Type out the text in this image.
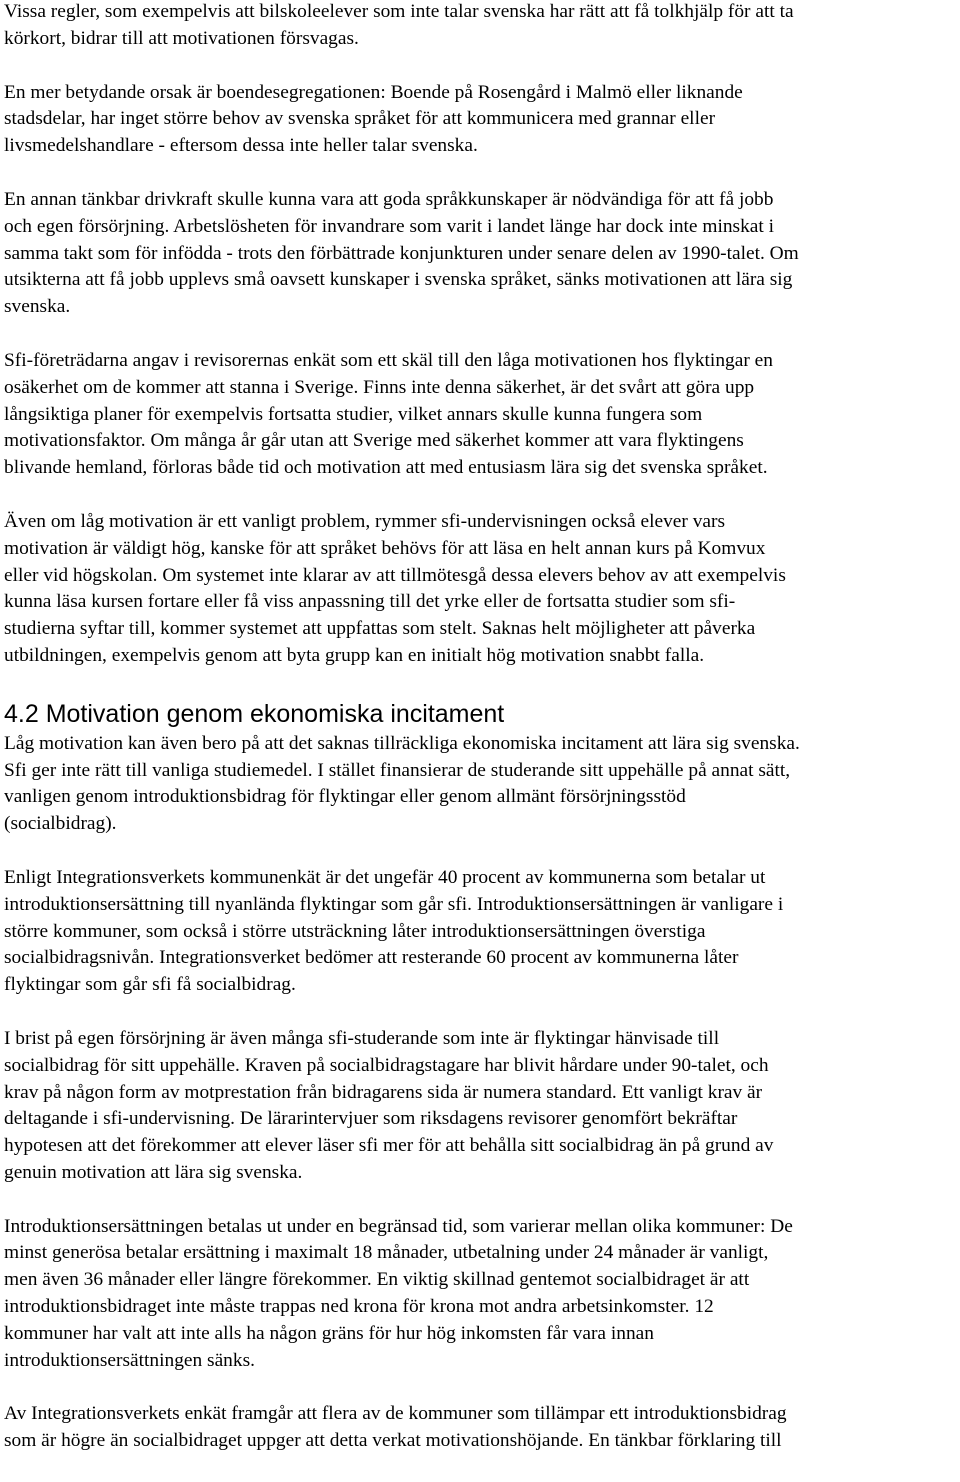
Vissa regler, som exempelvis att bilskoleelever som inte talar svenska har rätt att få tolkhjälp för att ta
körkort, bidrar till att motivationen försvagas.

En mer betydande orsak är boendesegregationen: Boende på Rosengård i Malmö eller liknande
stadsdelar, har inget större behov av svenska språket för att kommunicera med grannar eller
livsmedelshandlare - eftersom dessa inte heller talar svenska.

En annan tänkbar drivkraft skulle kunna vara att goda språkkunskaper är nödvändiga för att få jobb
och egen försörjning. Arbetslösheten för invandrare som varit i landet länge har dock inte minskat i
samma takt som för infödda - trots den förbättrade konjunkturen under senare delen av 1990-talet. Om
utsikterna att få jobb upplevs små oavsett kunskaper i svenska språket, sänks motivationen att lära sig
svenska.

Sfi-företrädarna angav i revisorernas enkät som ett skäl till den låga motivationen hos flyktingar en
osäkerhet om de kommer att stanna i Sverige. Finns inte denna säkerhet, är det svårt att göra upp
långsiktiga planer för exempelvis fortsatta studier, vilket annars skulle kunna fungera som
motivationsfaktor. Om många år går utan att Sverige med säkerhet kommer att vara flyktingens
blivande hemland, förloras både tid och motivation att med entusiasm lära sig det svenska språket.

Även om låg motivation är ett vanligt problem, rymmer sfi-undervisningen också elever vars
motivation är väldigt hög, kanske för att språket behövs för att läsa en helt annan kurs på Komvux
eller vid högskolan. Om systemet inte klarar av att tillmötesgå dessa elevers behov av att exempelvis
kunna läsa kursen fortare eller få viss anpassning till det yrke eller de fortsatta studier som sfi-
studierna syftar till, kommer systemet att uppfattas som stelt. Saknas helt möjligheter att påverka
utbildningen, exempelvis genom att byta grupp kan en initialt hög motivation snabbt falla.

4.2 Motivation genom ekonomiska incitament

Låg motivation kan även bero på att det saknas tillräckliga ekonomiska incitament att lära sig svenska.
Sfi ger inte rätt till vanliga studiemedel. I stället finansierar de studerande sitt uppehälle på annat sätt,
vanligen genom introduktionsbidrag för flyktingar eller genom allmänt försörjningsstöd
(socialbidrag).

Enligt Integrationsverkets kommunenkät är det ungefär 40 procent av kommunerna som betalar ut
introduktionsersättning till nyanlända flyktingar som går sfi. Introduktionsersättningen är vanligare i
större kommuner, som också i större utsträckning låter introduktionsersättningen överstiga
socialbidragsnivån. Integrationsverket bedömer att resterande 60 procent av kommunerna låter
flyktingar som går sfi få socialbidrag.

I brist på egen försörjning är även många sfi-studerande som inte är flyktingar hänvisade till
socialbidrag för sitt uppehälle. Kraven på socialbidragstagare har blivit hårdare under 90-talet, och
krav på någon form av motprestation från bidragarens sida är numera standard. Ett vanligt krav är
deltagande i sfi-undervisning. De lärarintervjuer som riksdagens revisorer genomfört bekräftar
hypotesen att det förekommer att elever läser sfi mer för att behålla sitt socialbidrag än på grund av
genuin motivation att lära sig svenska.

Introduktionsersättningen betalas ut under en begränsad tid, som varierar mellan olika kommuner: De
minst generösa betalar ersättning i maximalt 18 månader, utbetalning under 24 månader är vanligt,
men även 36 månader eller längre förekommer. En viktig skillnad gentemot socialbidraget är att
introduktionsbidraget inte måste trappas ned krona för krona mot andra arbetsinkomster. 12
kommuner har valt att inte alls ha någon gräns för hur hög inkomsten får vara innan
introduktionsersättningen sänks.

Av Integrationsverkets enkät framgår att flera av de kommuner som tillämpar ett introduktionsbidrag
som är högre än socialbidraget uppger att detta verkat motivationshöjande. En tänkbar förklaring till
